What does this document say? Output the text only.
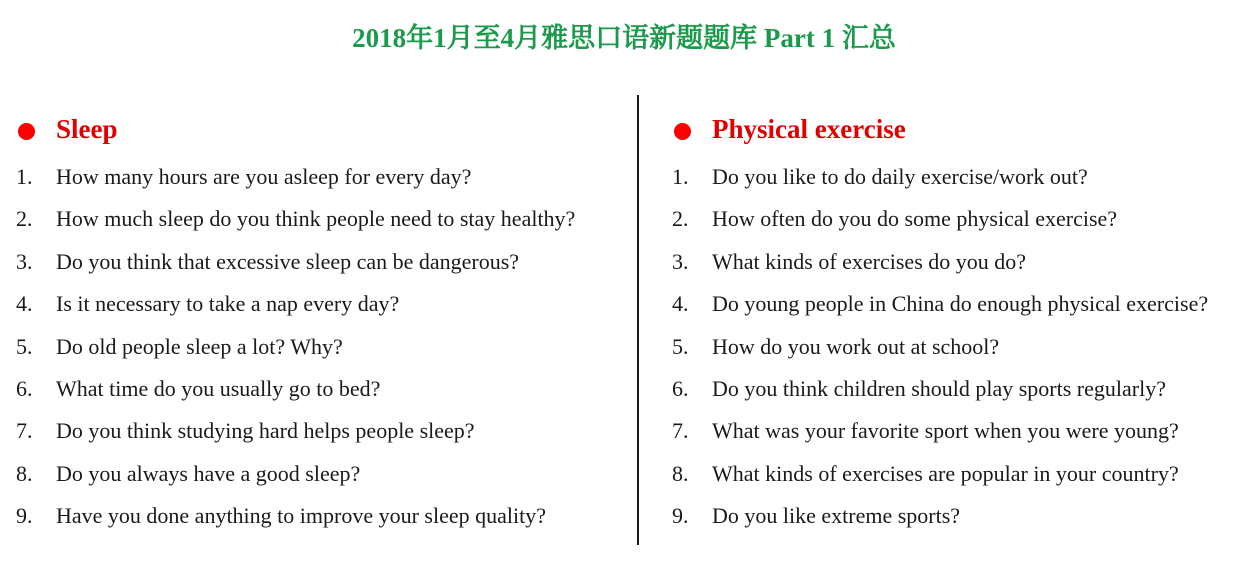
2018年1月至4月雅思口语新题题库 Part 1 汇总
Sleep
1. How many hours are you asleep for every day?
2. How much sleep do you think people need to stay healthy?
3. Do you think that excessive sleep can be dangerous?
4. Is it necessary to take a nap every day?
5. Do old people sleep a lot? Why?
6. What time do you usually go to bed?
7. Do you think studying hard helps people sleep?
8. Do you always have a good sleep?
9. Have you done anything to improve your sleep quality?
Physical exercise
1. Do you like to do daily exercise/work out?
2. How often do you do some physical exercise?
3. What kinds of exercises do you do?
4. Do young people in China do enough physical exercise?
5. How do you work out at school?
6. Do you think children should play sports regularly?
7. What was your favorite sport when you were young?
8. What kinds of exercises are popular in your country?
9. Do you like extreme sports?
